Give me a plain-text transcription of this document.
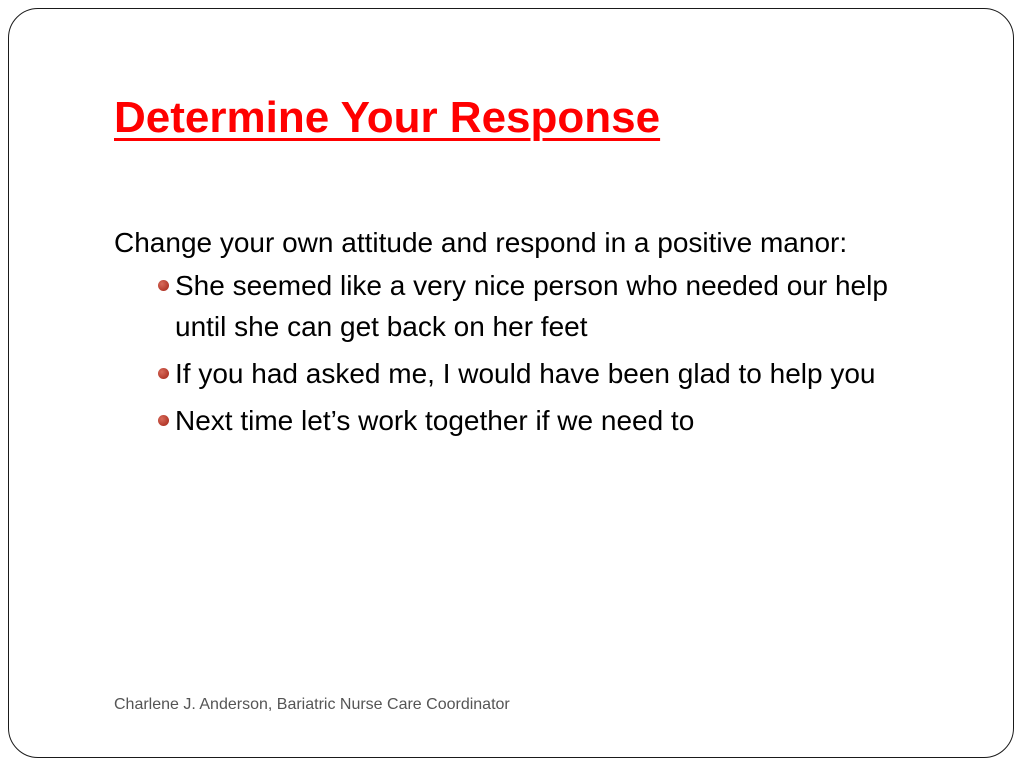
Determine Your Response

Change your own attitude and respond in a positive manor:

She seemed like a very nice person who needed our help until she can get back on her feet
If you had asked me, I would have been glad to help you
Next time let’s work together if we need to
Charlene J. Anderson, Bariatric Nurse Care Coordinator
